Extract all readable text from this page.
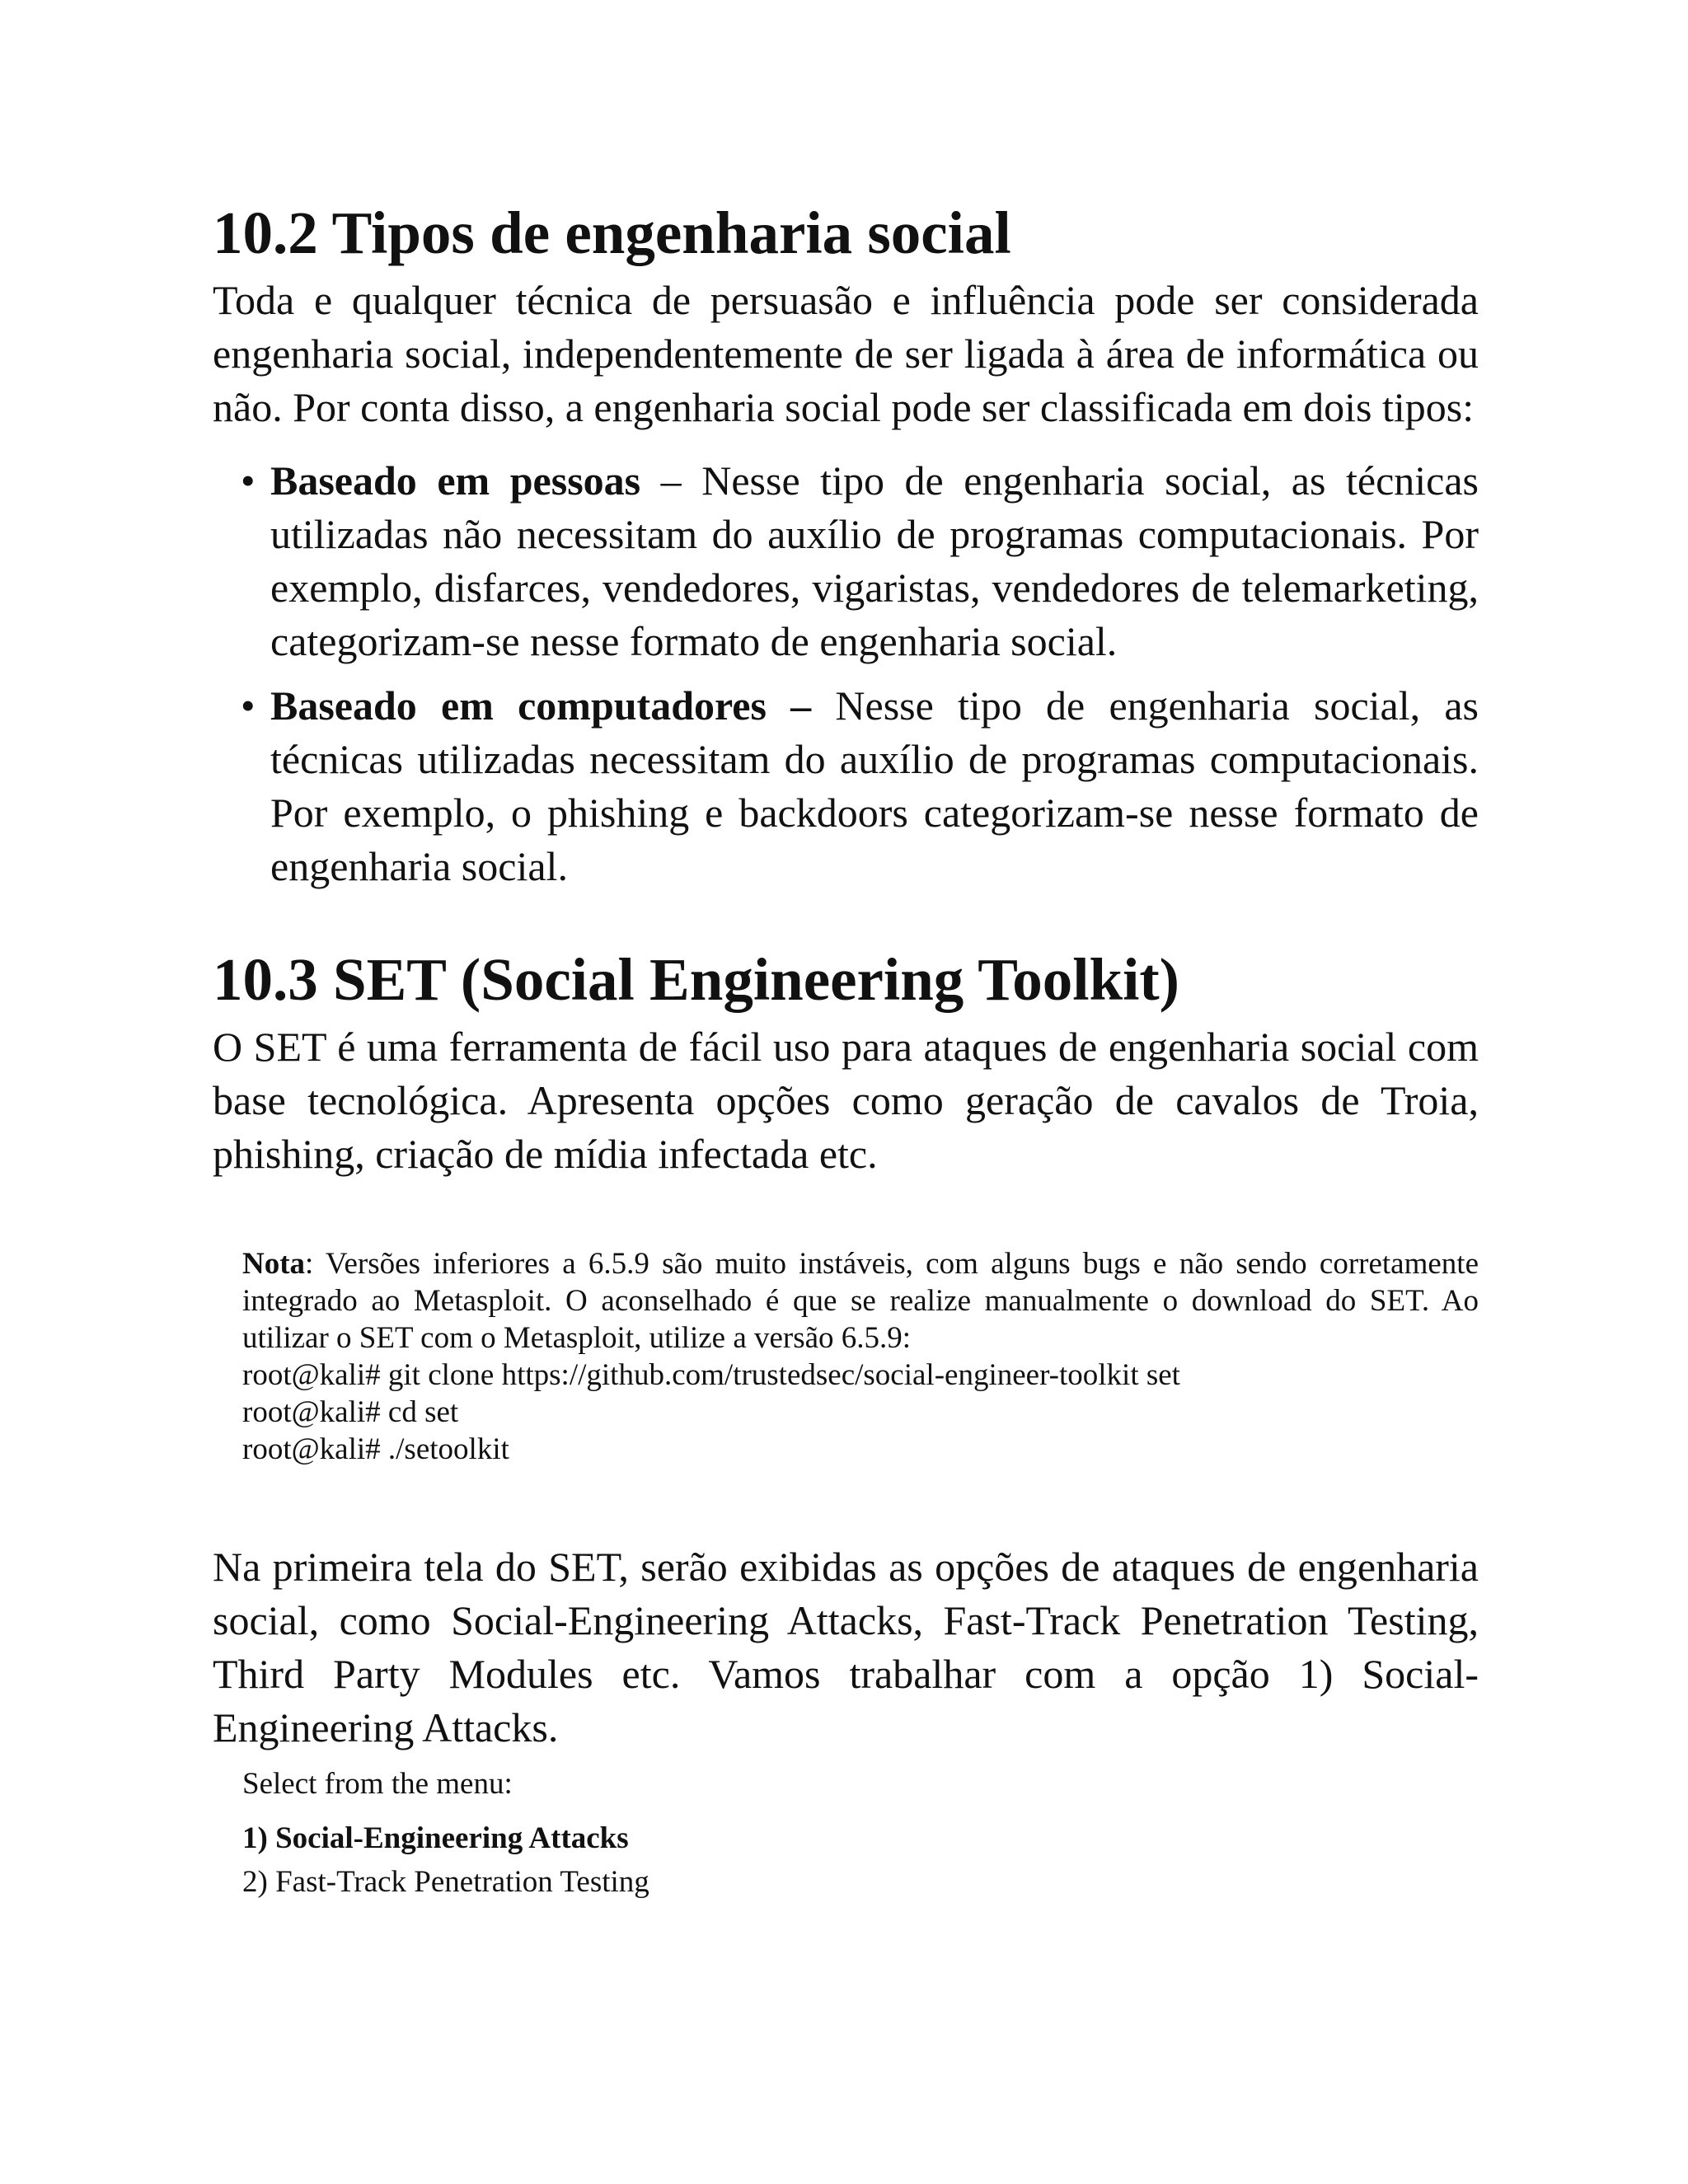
10.2 Tipos de engenharia social

Toda e qualquer técnica de persuasão e influência pode ser considerada engenharia social, independentemente de ser ligada à área de informática ou não. Por conta disso, a engenharia social pode ser classificada em dois tipos:

• Baseado em pessoas – Nesse tipo de engenharia social, as técnicas utilizadas não necessitam do auxílio de programas computacionais. Por exemplo, disfarces, vendedores, vigaristas, vendedores de telemarketing, categorizam-se nesse formato de engenharia social.
• Baseado em computadores – Nesse tipo de engenharia social, as técnicas utilizadas necessitam do auxílio de programas computacionais. Por exemplo, o phishing e backdoors categorizam-se nesse formato de engenharia social.
10.3 SET (Social Engineering Toolkit)

O SET é uma ferramenta de fácil uso para ataques de engenharia social com base tecnológica. Apresenta opções como geração de cavalos de Troia, phishing, criação de mídia infectada etc.

Nota: Versões inferiores a 6.5.9 são muito instáveis, com alguns bugs e não sendo corretamente integrado ao Metasploit. O aconselhado é que se realize manualmente o download do SET. Ao utilizar o SET com o Metasploit, utilize a versão 6.5.9:
root@kali# git clone https://github.com/trustedsec/social-engineer-toolkit set
root@kali# cd set
root@kali# ./setoolkit

Na primeira tela do SET, serão exibidas as opções de ataques de engenharia social, como Social-Engineering Attacks, Fast-Track Penetration Testing, Third Party Modules etc. Vamos trabalhar com a opção 1) Social-Engineering Attacks.

Select from the menu:
1) Social-Engineering Attacks
2) Fast-Track Penetration Testing
